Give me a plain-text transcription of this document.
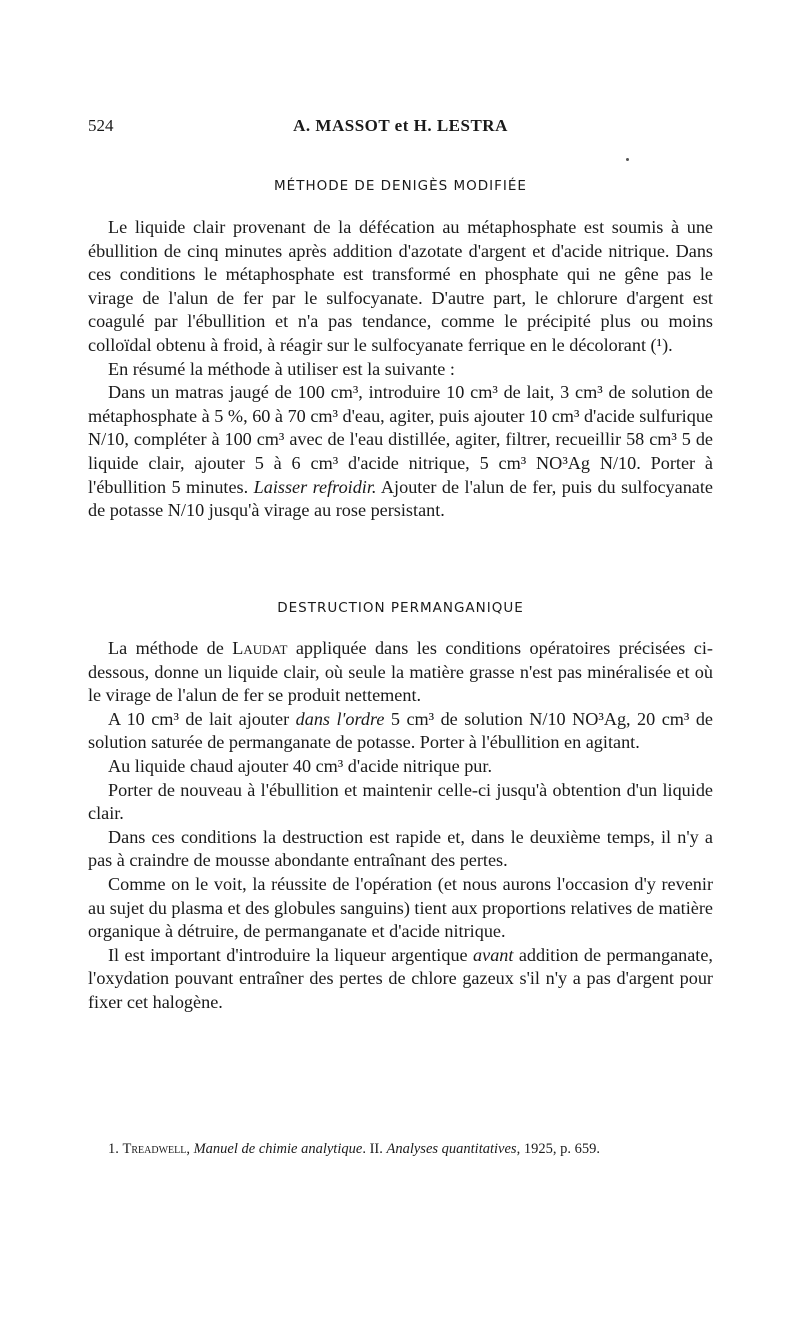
524	A. MASSOT et H. LESTRA
MÉTHODE DE DENIGÈS MODIFIÉE

Le liquide clair provenant de la défécation au métaphosphate est soumis à une ébullition de cinq minutes après addition d'azotate d'argent et d'acide nitrique. Dans ces conditions le métaphosphate est transformé en phosphate qui ne gêne pas le virage de l'alun de fer par le sulfocyanate. D'autre part, le chlorure d'argent est coagulé par l'ébullition et n'a pas tendance, comme le précipité plus ou moins colloïdal obtenu à froid, à réagir sur le sulfocyanate ferrique en le décolorant (¹).

En résumé la méthode à utiliser est la suivante :

Dans un matras jaugé de 100 cm³, introduire 10 cm³ de lait, 3 cm³ de solution de métaphosphate à 5 %, 60 à 70 cm³ d'eau, agiter, puis ajouter 10 cm³ d'acide sulfurique N/10, compléter à 100 cm³ avec de l'eau distillée, agiter, filtrer, recueillir 58 cm³ 5 de liquide clair, ajouter 5 à 6 cm³ d'acide nitrique, 5 cm³ NO³Ag N/10. Porter à l'ébullition 5 minutes. Laisser refroidir. Ajouter de l'alun de fer, puis du sulfocyanate de potasse N/10 jusqu'à virage au rose persistant.

DESTRUCTION PERMANGANIQUE

La méthode de Laudat appliquée dans les conditions opératoires précisées ci-dessous, donne un liquide clair, où seule la matière grasse n'est pas minéralisée et où le virage de l'alun de fer se produit nettement.

A 10 cm³ de lait ajouter dans l'ordre 5 cm³ de solution N/10 NO³Ag, 20 cm³ de solution saturée de permanganate de potasse. Porter à l'ébullition en agitant.

Au liquide chaud ajouter 40 cm³ d'acide nitrique pur.

Porter de nouveau à l'ébullition et maintenir celle-ci jusqu'à obtention d'un liquide clair.

Dans ces conditions la destruction est rapide et, dans le deuxième temps, il n'y a pas à craindre de mousse abondante entraînant des pertes.

Comme on le voit, la réussite de l'opération (et nous aurons l'occasion d'y revenir au sujet du plasma et des globules sanguins) tient aux proportions relatives de matière organique à détruire, de permanganate et d'acide nitrique.

Il est important d'introduire la liqueur argentique avant addition de permanganate, l'oxydation pouvant entraîner des pertes de chlore gazeux s'il n'y a pas d'argent pour fixer cet halogène.

1. Treadwell, Manuel de chimie analytique. II. Analyses quantitatives, 1925, p. 659.
